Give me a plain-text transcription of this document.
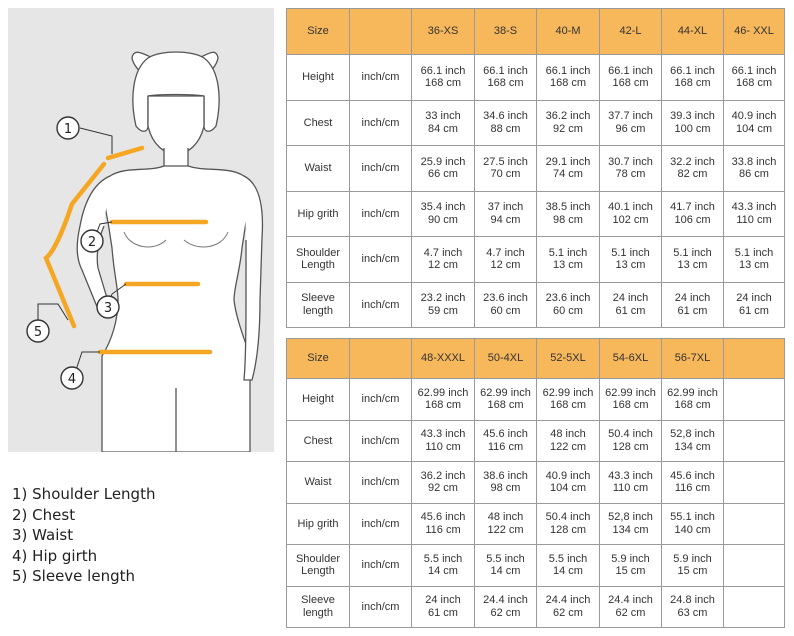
1
2
3
4
5
1) Shoulder Length
2) Chest
3) Waist
4) Hip girth
5) Sleeve length
Size		36-XS	38-S	40-M	42-L	44-XL	46- XXL
Height	inch/cm	66.1 inch
168 cm	66.1 inch
168 cm	66.1 inch
168 cm	66.1 inch
168 cm	66.1 inch
168 cm	66.1 inch
168 cm
Chest	inch/cm	33 inch
84 cm	34.6 inch
88 cm	36.2 inch
92 cm	37.7 inch
96 cm	39.3 inch
100 cm	40.9 inch
104 cm
Waist	inch/cm	25.9 inch
66 cm	27.5 inch
70 cm	29.1 inch
74 cm	30.7 inch
78 cm	32.2 inch
82 cm	33.8 inch
86 cm
Hip grith	inch/cm	35.4 inch
90 cm	37 inch
94 cm	38.5 inch
98 cm	40.1 inch
102 cm	41.7 inch
106 cm	43.3 inch
110 cm
Shoulder
Length	inch/cm	4.7 inch
12 cm	4.7 inch
12 cm	5.1 inch
13 cm	5.1 inch
13 cm	5.1 inch
13 cm	5.1 inch
13 cm
Sleeve
length	inch/cm	23.2 inch
59 cm	23.6 inch
60 cm	23.6 inch
60 cm	24 inch
61 cm	24 inch
61 cm	24 inch
61 cm
Size		48-XXXL	50-4XL	52-5XL	54-6XL	56-7XL	
Height	inch/cm	62.99 inch
168 cm	62.99 inch
168 cm	62.99 inch
168 cm	62.99 inch
168 cm	62.99 inch
168 cm	

Chest	inch/cm	43.3 inch
110 cm	45.6 inch
116 cm	48 inch
122 cm	50.4 inch
128 cm	52,8 inch
134 cm	

Waist	inch/cm	36.2 inch
92 cm	38.6 inch
98 cm	40.9 inch
104 cm	43.3 inch
110 cm	45.6 inch
116 cm	

Hip grith	inch/cm	45.6 inch
116 cm	48 inch
122 cm	50.4 inch
128 cm	52,8 inch
134 cm	55.1 inch
140 cm	

Shoulder
Length	inch/cm	5.5 inch
14 cm	5.5 inch
14 cm	5.5 inch
14 cm	5.9 inch
15 cm	5.9 inch
15 cm	

Sleeve
length	inch/cm	24 inch
61 cm	24.4 inch
62 cm	24.4 inch
62 cm	24.4 inch
62 cm	24.8 inch
63 cm	
